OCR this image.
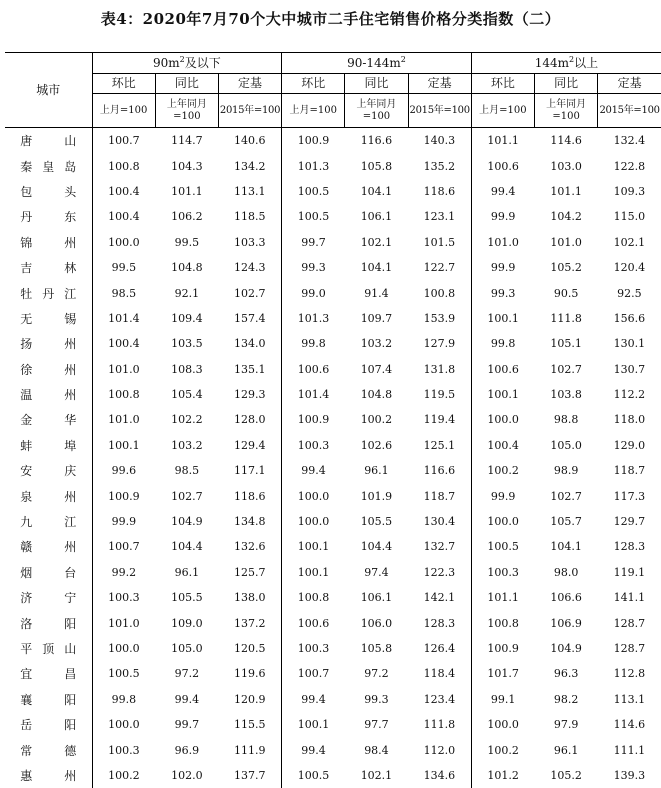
表4：2020年7月70个大中城市二手住宅销售价格分类指数（二）
城市	$90m^2$及以下			$90-144m^2$			$144m^2$以上		
	环比	同比	定基	环比	同比	定基	环比	同比	定基
	上月=100	上年同月=100	2015年=100	上月=100	上年同月=100	2015年=100	上月=100	上年同月=100	2015年=100
唐山	100.7	114.7	140.6	100.9	116.6	140.3	101.1	114.6	132.4
秦皇岛	100.8	104.3	134.2	101.3	105.8	135.2	100.6	103.0	122.8
包头	100.4	101.1	113.1	100.5	104.1	118.6	99.4	101.1	109.3
丹东	100.4	106.2	118.5	100.5	106.1	123.1	99.9	104.2	115.0
锦州	100.0	99.5	103.3	99.7	102.1	101.5	101.0	101.0	102.1
吉林	99.5	104.8	124.3	99.3	104.1	122.7	99.9	105.2	120.4
牡丹江	98.5	92.1	102.7	99.0	91.4	100.8	99.3	90.5	92.5
无锡	101.4	109.4	157.4	101.3	109.7	153.9	100.1	111.8	156.6
扬州	100.4	103.5	134.0	99.8	103.2	127.9	99.8	105.1	130.1
徐州	101.0	108.3	135.1	100.6	107.4	131.8	100.6	102.7	130.7
温州	100.8	105.4	129.3	101.4	104.8	119.5	100.1	103.8	112.2
金华	101.0	102.2	128.0	100.9	100.2	119.4	100.0	98.8	118.0
蚌埠	100.1	103.2	129.4	100.3	102.6	125.1	100.4	105.0	129.0
安庆	99.6	98.5	117.1	99.4	96.1	116.6	100.2	98.9	118.7
泉州	100.9	102.7	118.6	100.0	101.9	118.7	99.9	102.7	117.3
九江	99.9	104.9	134.8	100.0	105.5	130.4	100.0	105.7	129.7
赣州	100.7	104.4	132.6	100.1	104.4	132.7	100.5	104.1	128.3
烟台	99.2	96.1	125.7	100.1	97.4	122.3	100.3	98.0	119.1
济宁	100.3	105.5	138.0	100.8	106.1	142.1	101.1	106.6	141.1
洛阳	101.0	109.0	137.2	100.6	106.0	128.3	100.8	106.9	128.7
平顶山	100.0	105.0	120.5	100.3	105.8	126.4	100.9	104.9	128.7
宜昌	100.5	97.2	119.6	100.7	97.2	118.4	101.7	96.3	112.8
襄阳	99.8	99.4	120.9	99.4	99.3	123.4	99.1	98.2	113.1
岳阳	100.0	99.7	115.5	100.1	97.7	111.8	100.0	97.9	114.6
常德	100.3	96.9	111.9	99.4	98.4	112.0	100.2	96.1	111.1
惠州	100.2	102.0	137.7	100.5	102.1	134.6	101.2	105.2	139.3
